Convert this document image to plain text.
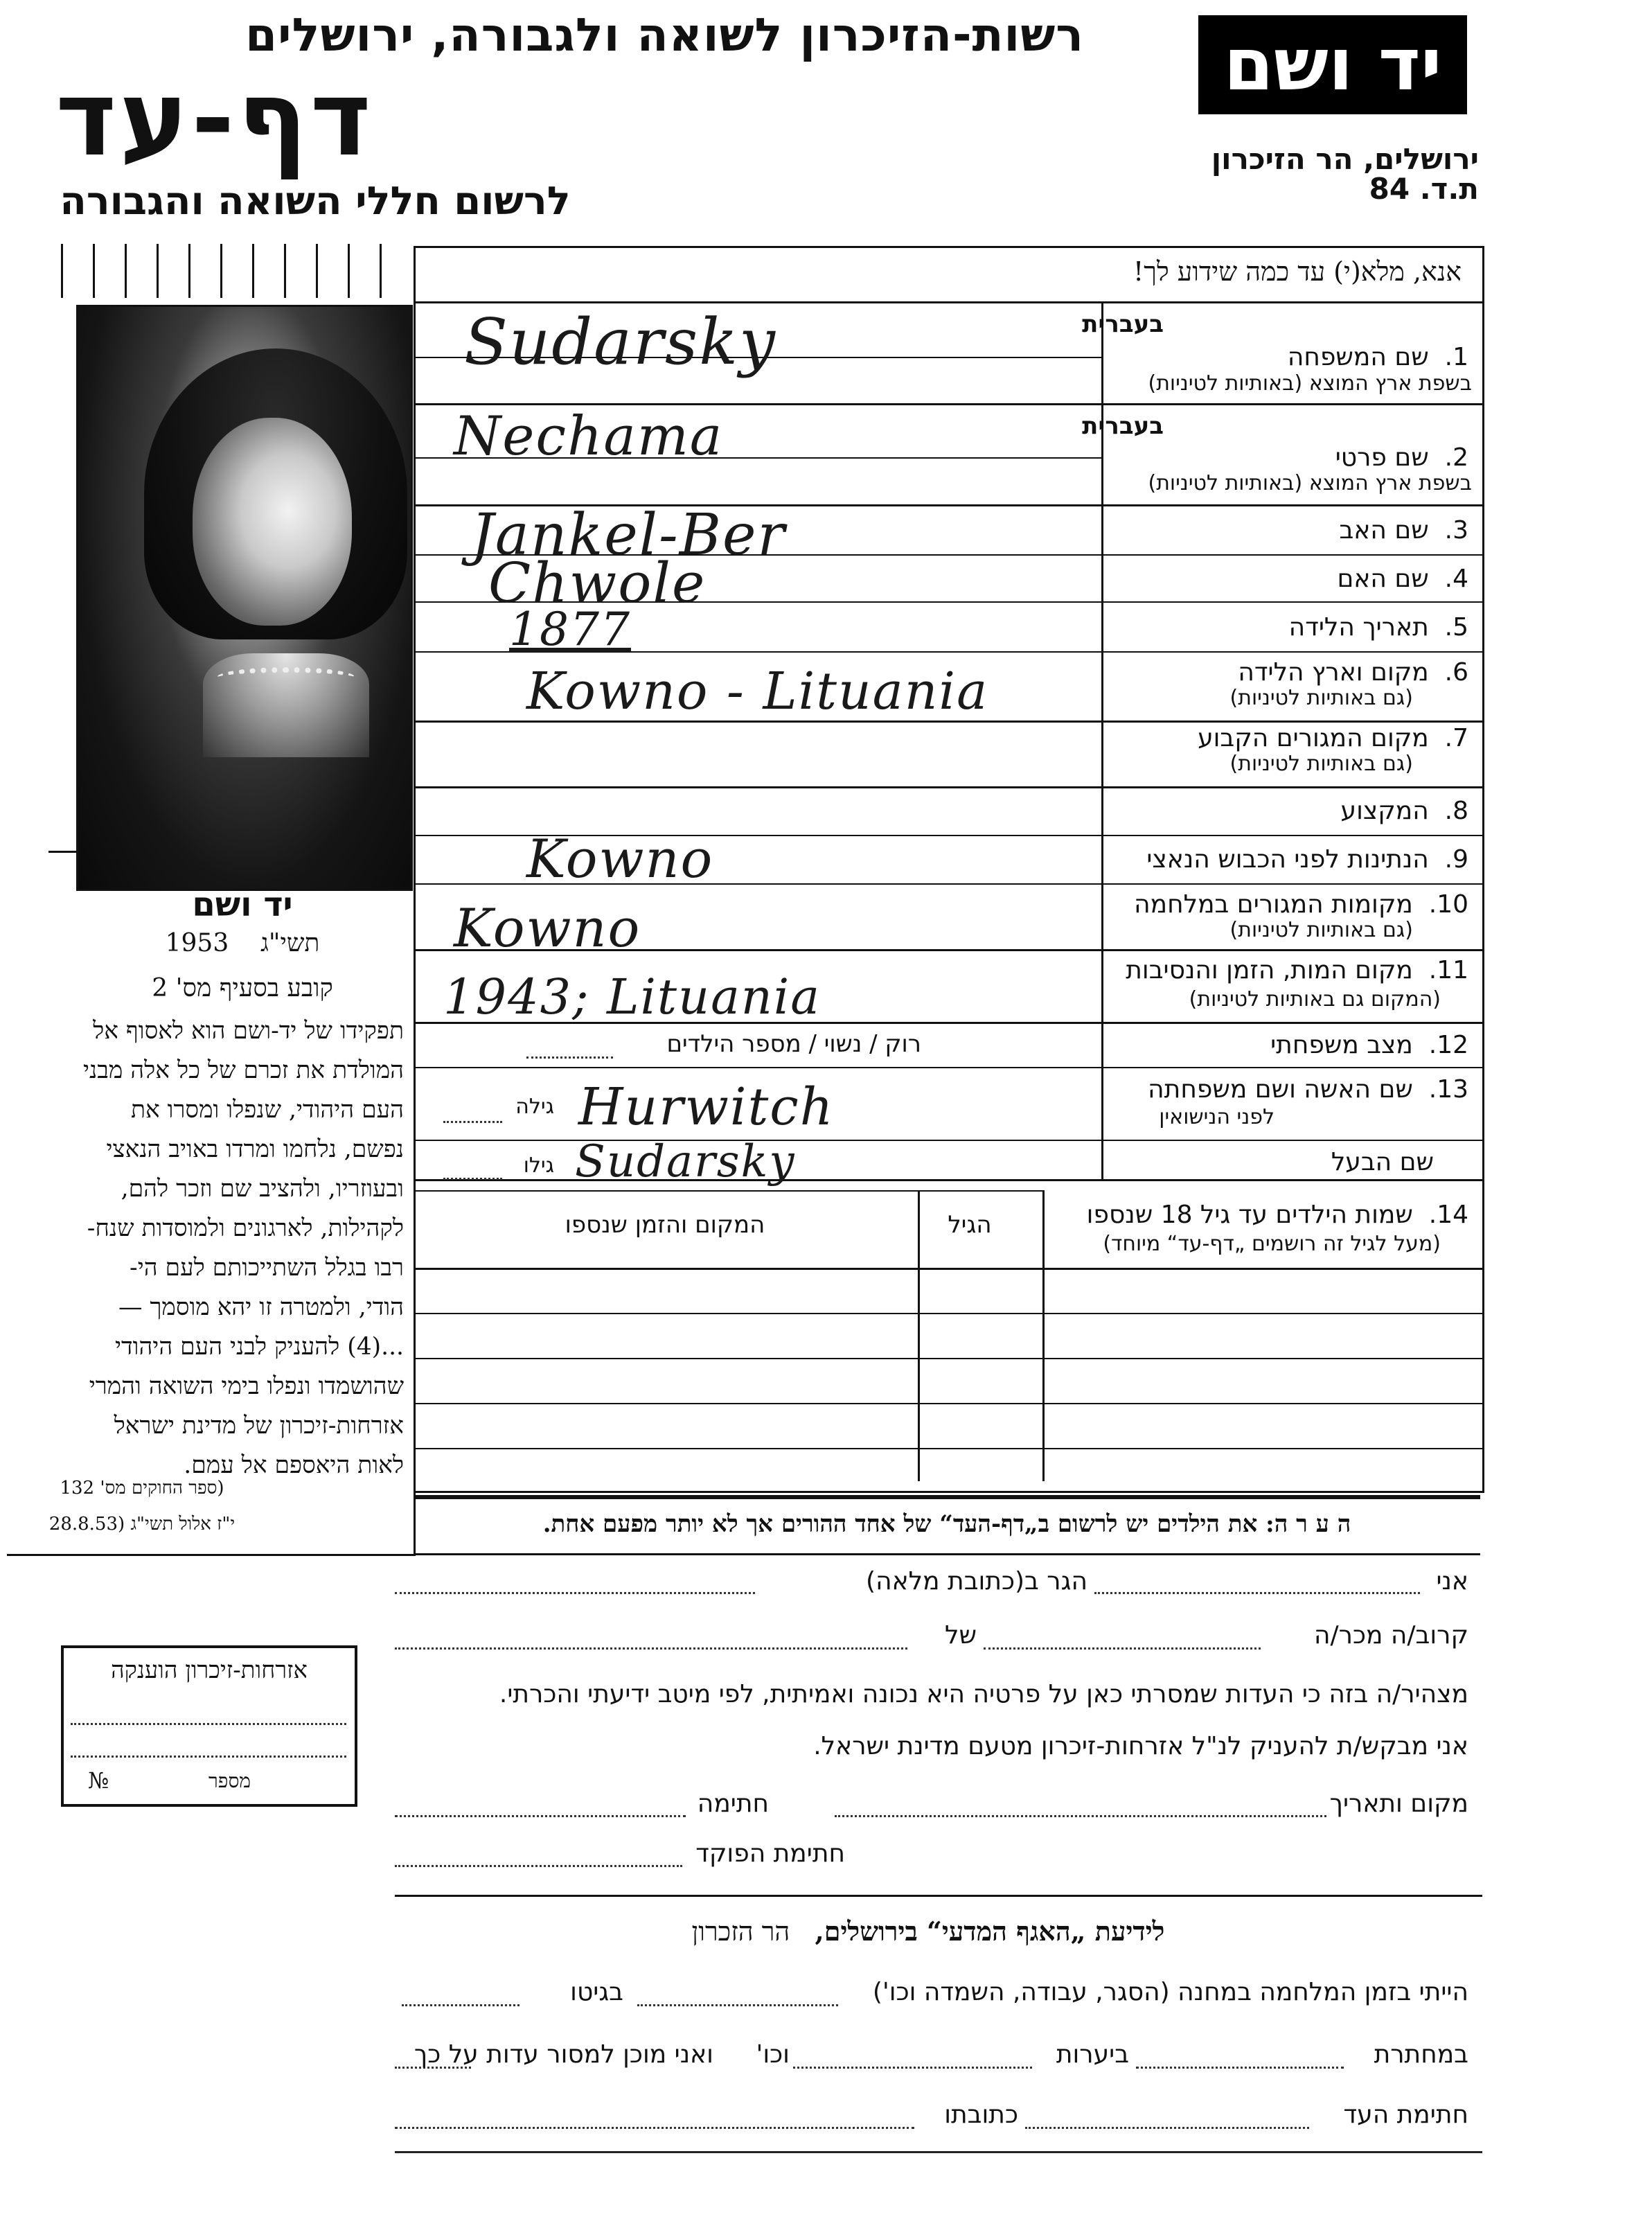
רשות-הזיכרון לשואה ולגבורה, ירושלים
דף-עד
לרשום חללי השואה והגבורה
יד ושם
ירושלים, הר הזיכרון
ת.ד. 84
אנא, מלא(י) עד כמה שידוע לך!
בעברית
1.  שם המשפחה
בשפת ארץ המוצא (באותיות לטיניות)
Sudarsky
בעברית
2.  שם פרטי
בשפת ארץ המוצא (באותיות לטיניות)
Nechama
3.  שם האב
Jankel-Ber
4.  שם האם
Chwole
5.  תאריך הלידה
1877
6.  מקום וארץ הלידה
(גם באותיות לטיניות)
Kowno - Lituania
7.  מקום המגורים הקבוע
(גם באותיות לטיניות)
8.  המקצוע
9.  הנתינות לפני הכבוש הנאצי
Kowno
10.  מקומות המגורים במלחמה
(גם באותיות לטיניות)
Kowno
11.  מקום המות, הזמן והנסיבות
(המקום גם באותיות לטיניות)
1943; Lituania
12.  מצב משפחתי
רוק / נשוי / מספר הילדים
13.  שם האשה ושם משפחתה
לפני הנישואין
גילה Hurwitch
שם הבעל
גילו Sudarsky
14.  שמות הילדים עד גיל 18 שנספו
(מעל לגיל זה רושמים „דף-עד“ מיוחד)
הגיל
המקום והזמן שנספו
ה ע ר ה: את הילדים יש לרשום ב„דף-העד“ של אחד ההורים אך לא יותר מפעם אחת.
יד ושם
תשי"ג    1953
קובע בסעיף מס' 2
תפקידו של יד-ושם הוא לאסוף אל
המולדת את זכרם של כל אלה מבני
העם היהודי, שנפלו ומסרו את
נפשם, נלחמו ומרדו באויב הנאצי
ובעוזריו, ולהציב שם וזכר להם,
לקהילות, לארגונים ולמוסדות שנח-
רבו בגלל השתייכותם לעם הי-
הודי, ולמטרה זו יהא מוסמך —
...(4) להעניק לבני העם היהודי
שהושמדו ונפלו בימי השואה והמרי
אזרחות-זיכרון של מדינת ישראל
לאות היאספם אל עמם.
(ספר החוקים מס' 132
י"ז אלול תשי"ג (28.8.53
אני
הגר ב(כתובת מלאה)
קרוב/ה מכר/ה
של
מצהיר/ה בזה כי העדות שמסרתי כאן על פרטיה היא נכונה ואמיתית, לפי מיטב ידיעתי והכרתי.
אני מבקש/ת להעניק לנ"ל אזרחות-זיכרון מטעם מדינת ישראל.
מקום ותאריך
חתימה
חתימת הפוקד
אזרחות-זיכרון הוענקה
מספר
№
לידיעת „האגף המדעי“ בירושלים,   הר הזכרון
הייתי בזמן המלחמה במחנה (הסגר, עבודה, השמדה וכו')
בגיטו
במחתרת
ביערות
וכו'
ואני מוכן למסור עדות על כך
חתימת העד
כתובתו
